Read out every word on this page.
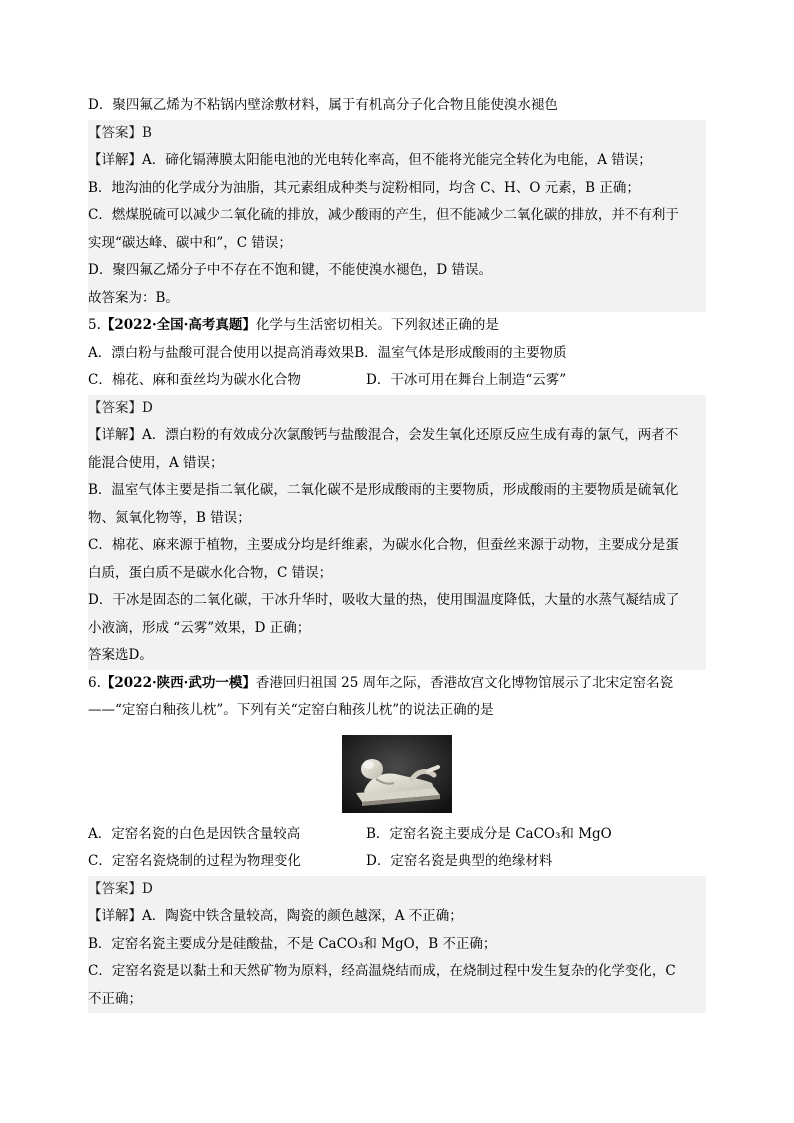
D．聚四氟乙烯为不粘锅内壁涂敷材料，属于有机高分子化合物且能使溴水褪色
【答案】B
【详解】A．碲化镉薄膜太阳能电池的光电转化率高，但不能将光能完全转化为电能，A 错误；
B．地沟油的化学成分为油脂，其元素组成种类与淀粉相同，均含 C、H、O 元素，B 正确；
C．燃煤脱硫可以减少二氧化硫的排放，减少酸雨的产生，但不能减少二氧化碳的排放，并不有利于
实现“碳达峰、碳中和”，C 错误；
D．聚四氟乙烯分子中不存在不饱和键，不能使溴水褪色，D 错误。
故答案为：B。
5.【2022·全国·高考真题】化学与生活密切相关。下列叙述正确的是
A．漂白粉与盐酸可混合使用以提高消毒效果 B．温室气体是形成酸雨的主要物质
C．棉花、麻和蚕丝均为碳水化合物	D．干冰可用在舞台上制造“云雾”
【答案】D
【详解】A．漂白粉的有效成分次氯酸钙与盐酸混合，会发生氧化还原反应生成有毒的氯气，两者不
能混合使用，A 错误；
B．温室气体主要是指二氧化碳，二氧化碳不是形成酸雨的主要物质，形成酸雨的主要物质是硫氧化
物、氮氧化物等，B 错误；
C．棉花、麻来源于植物，主要成分均是纤维素，为碳水化合物，但蚕丝来源于动物，主要成分是蛋
白质，蛋白质不是碳水化合物，C 错误；
D．干冰是固态的二氧化碳，干冰升华时，吸收大量的热，使用围温度降低，大量的水蒸气凝结成了
小液滴，形成 “云雾”效果，D 正确；
答案选D。
6.【2022·陕西·武功一模】香港回归祖国 25 周年之际，香港故宫文化博物馆展示了北宋定窑名瓷
——“定窑白釉孩儿枕”。下列有关“定窑白釉孩儿枕”的说法正确的是
A．定窑名瓷的白色是因铁含量较高	B．定窑名瓷主要成分是 CaCO₃和 MgO
C．定窑名瓷烧制的过程为物理变化	D．定窑名瓷是典型的绝缘材料
【答案】D
【详解】A．陶瓷中铁含量较高，陶瓷的颜色越深，A 不正确；
B．定窑名瓷主要成分是硅酸盐，不是 CaCO₃和 MgO，B 不正确；
C．定窑名瓷是以黏土和天然矿物为原料，经高温烧结而成，在烧制过程中发生复杂的化学变化，C
不正确；
